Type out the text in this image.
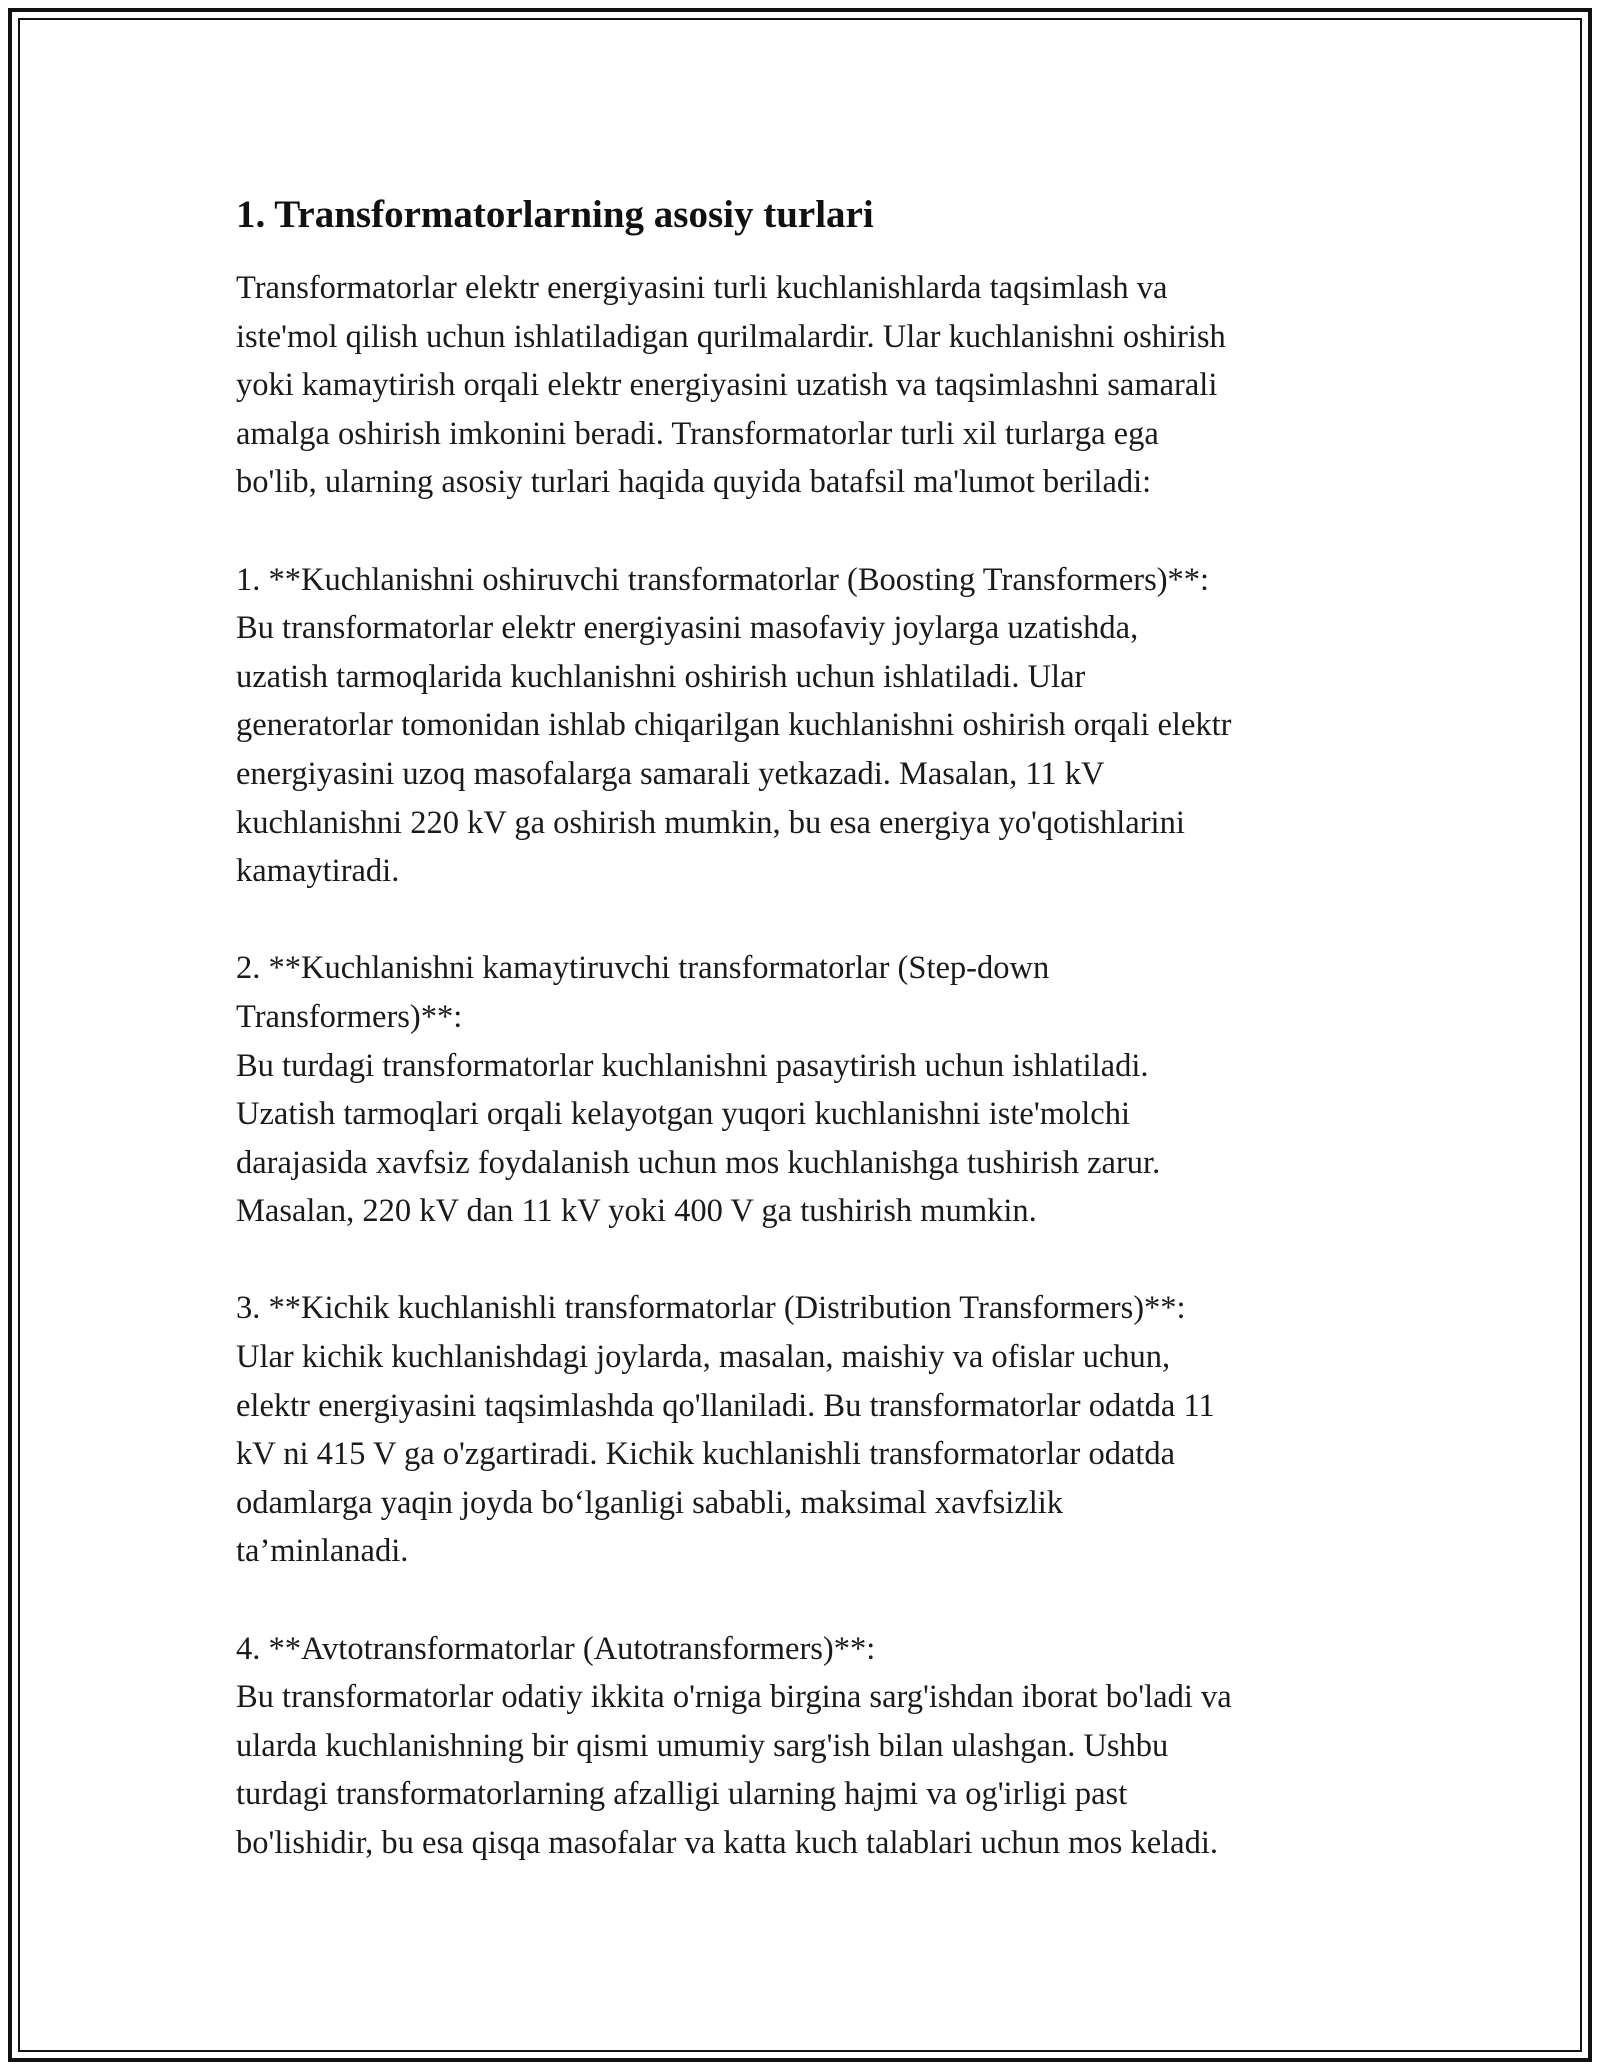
1. Transformatorlarning asosiy turlari

Transformatorlar elektr energiyasini turli kuchlanishlarda taqsimlash va
iste'mol qilish uchun ishlatiladigan qurilmalardir. Ular kuchlanishni oshirish
yoki kamaytirish orqali elektr energiyasini uzatish va taqsimlashni samarali
amalga oshirish imkonini beradi. Transformatorlar turli xil turlarga ega
bo'lib, ularning asosiy turlari haqida quyida batafsil ma'lumot beriladi:

1. **Kuchlanishni oshiruvchi transformatorlar (Boosting Transformers)**:
Bu transformatorlar elektr energiyasini masofaviy joylarga uzatishda,
uzatish tarmoqlarida kuchlanishni oshirish uchun ishlatiladi. Ular
generatorlar tomonidan ishlab chiqarilgan kuchlanishni oshirish orqali elektr
energiyasini uzoq masofalarga samarali yetkazadi. Masalan, 11 kV
kuchlanishni 220 kV ga oshirish mumkin, bu esa energiya yo'qotishlarini
kamaytiradi.

2. **Kuchlanishni kamaytiruvchi transformatorlar (Step-down
Transformers)**:
Bu turdagi transformatorlar kuchlanishni pasaytirish uchun ishlatiladi.
Uzatish tarmoqlari orqali kelayotgan yuqori kuchlanishni iste'molchi
darajasida xavfsiz foydalanish uchun mos kuchlanishga tushirish zarur.
Masalan, 220 kV dan 11 kV yoki 400 V ga tushirish mumkin.

3. **Kichik kuchlanishli transformatorlar (Distribution Transformers)**:
Ular kichik kuchlanishdagi joylarda, masalan, maishiy va ofislar uchun,
elektr energiyasini taqsimlashda qo'llaniladi. Bu transformatorlar odatda 11
kV ni 415 V ga o'zgartiradi. Kichik kuchlanishli transformatorlar odatda
odamlarga yaqin joyda bo‘lganligi sababli, maksimal xavfsizlik
ta’minlanadi.

4. **Avtotransformatorlar (Autotransformers)**:
Bu transformatorlar odatiy ikkita o'rniga birgina sarg'ishdan iborat bo'ladi va
ularda kuchlanishning bir qismi umumiy sarg'ish bilan ulashgan. Ushbu
turdagi transformatorlarning afzalligi ularning hajmi va og'irligi past
bo'lishidir, bu esa qisqa masofalar va katta kuch talablari uchun mos keladi.
